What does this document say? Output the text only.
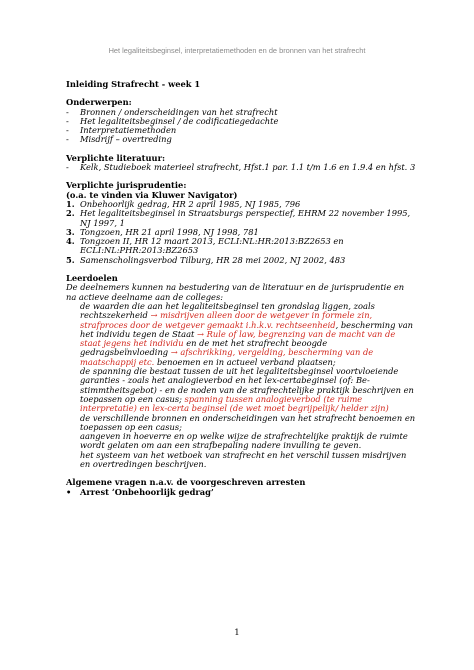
Het legaliteitsbeginsel, interpretatiemethoden en de bronnen van het strafrecht

Inleiding Strafrecht - week 1

Onderwerpen:

- Bronnen / onderscheidingen van het strafrecht
- Het legaliteitsbeginsel / de codificatiegedachte
- Interpretatiemethoden
- Misdrijf – overtreding

Verplichte literatuur:

- Kelk, Studieboek materieel strafrecht, Hfst.1 par. 1.1 t/m 1.6 en 1.9.4 en hfst. 3

Verplichte jurisprudentie:

(o.a. te vinden via Kluwer Navigator)

1. Onbehoorlijk gedrag, HR 2 april 1985, NJ 1985, 796
2. Het legaliteitsbeginsel in Straatsburgs perspectief, EHRM 22 november 1995, NJ 1997, 1
3. Tongzoen, HR 21 april 1998, NJ 1998, 781
4. Tongzoen II, HR 12 maart 2013, ECLI:NL:HR:2013:BZ2653 en ECLI:NL:PHR:2013:BZ2653
5. Samenscholingsverbod Tilburg, HR 28 mei 2002, NJ 2002, 483

Leerdoelen

De deelnemers kunnen na bestudering van de literatuur en de jurisprudentie en na actieve deelname aan de colleges:

de waarden die aan het legaliteitsbeginsel ten grondslag liggen, zoals rechtszekerheid → misdrijven alleen door de wetgever in formele zin, strafproces door de wetgever gemaakt i.h.k.v. rechtseenheid, bescherming van het individu tegen de Staat → Rule of law, begrenzing van de macht van de staat jegens het individu en de met het strafrecht beoogde gedragsbeïnvloeding → afschrikking, vergelding, bescherming van de maatschappij etc. benoemen en in actueel verband plaatsen;

de spanning die bestaat tussen de uit het legaliteitsbeginsel voortvloeiende garanties - zoals het analogieverbod en het lex-certabeginsel (of: Be-stimmtheitsgebot) - en de noden van de strafrechtelijke praktijk beschrijven en toepassen op een casus; spanning tussen analogieverbod (te ruime interpretatie) en lex-certa beginsel (de wet moet begrijpelijk/ helder zijn)

de verschillende bronnen en onderscheidingen van het strafrecht benoemen en toepassen op een casus;

aangeven in hoeverre en op welke wijze de strafrechtelijke praktijk de ruimte wordt gelaten om aan een strafbepaling nadere invulling te geven.

het systeem van het wetboek van strafrecht en het verschil tussen misdrijven en overtredingen beschrijven.

Algemene vragen n.a.v. de voorgeschreven arresten

• Arrest ‘Onbehoorlijk gedrag’

1
